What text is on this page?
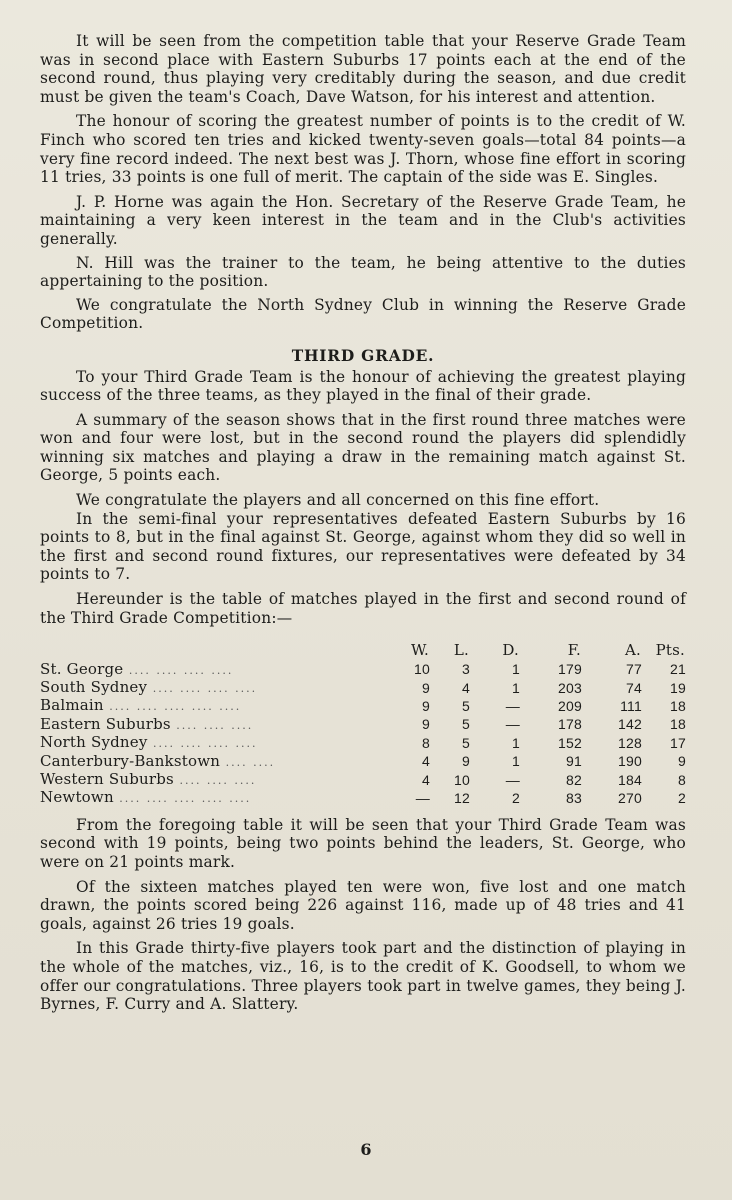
It will be seen from the competition table that your Reserve Grade Team was in second place with Eastern Suburbs 17 points each at the end of the second round, thus playing very creditably during the season, and due credit must be given the team's Coach, Dave Watson, for his interest and attention.

The honour of scoring the greatest number of points is to the credit of W. Finch who scored ten tries and kicked twenty-seven goals—total 84 points—a very fine record indeed. The next best was J. Thorn, whose fine effort in scoring 11 tries, 33 points is one full of merit. The captain of the side was E. Singles.

J. P. Horne was again the Hon. Secretary of the Reserve Grade Team, he maintaining a very keen interest in the team and in the Club's activities generally.

N. Hill was the trainer to the team, he being attentive to the duties appertaining to the position.

We congratulate the North Sydney Club in winning the Reserve Grade Competition.

THIRD GRADE.

To your Third Grade Team is the honour of achieving the greatest playing success of the three teams, as they played in the final of their grade.

A summary of the season shows that in the first round three matches were won and four were lost, but in the second round the players did splendidly winning six matches and playing a draw in the remaining match against St. George, 5 points each.

We congratulate the players and all concerned on this fine effort.

In the semi-final your representatives defeated Eastern Suburbs by 16 points to 8, but in the final against St. George, against whom they did so well in the first and second round fixtures, our representatives were defeated by 34 points to 7.

Hereunder is the table of matches played in the first and second round of the Third Grade Competition:—

	W.	L.	D.	F.	A.	Pts.
St. George .... .... .... ....	10	3	1	179	77	21
South Sydney .... .... .... ....	9	4	1	203	74	19
Balmain .... .... .... .... ....	9	5	—	209	111	18
Eastern Suburbs .... .... ....	9	5	—	178	142	18
North Sydney .... .... .... ....	8	5	1	152	128	17
Canterbury-Bankstown .... ....	4	9	1	91	190	9
Western Suburbs .... .... ....	4	10	—	82	184	8
Newtown .... .... .... .... ....	—	12	2	83	270	2

From the foregoing table it will be seen that your Third Grade Team was second with 19 points, being two points behind the leaders, St. George, who were on 21 points mark.

Of the sixteen matches played ten were won, five lost and one match drawn, the points scored being 226 against 116, made up of 48 tries and 41 goals, against 26 tries 19 goals.

In this Grade thirty-five players took part and the distinction of playing in the whole of the matches, viz., 16, is to the credit of K. Goodsell, to whom we offer our congratulations. Three players took part in twelve games, they being J. Byrnes, F. Curry and A. Slattery.

6
